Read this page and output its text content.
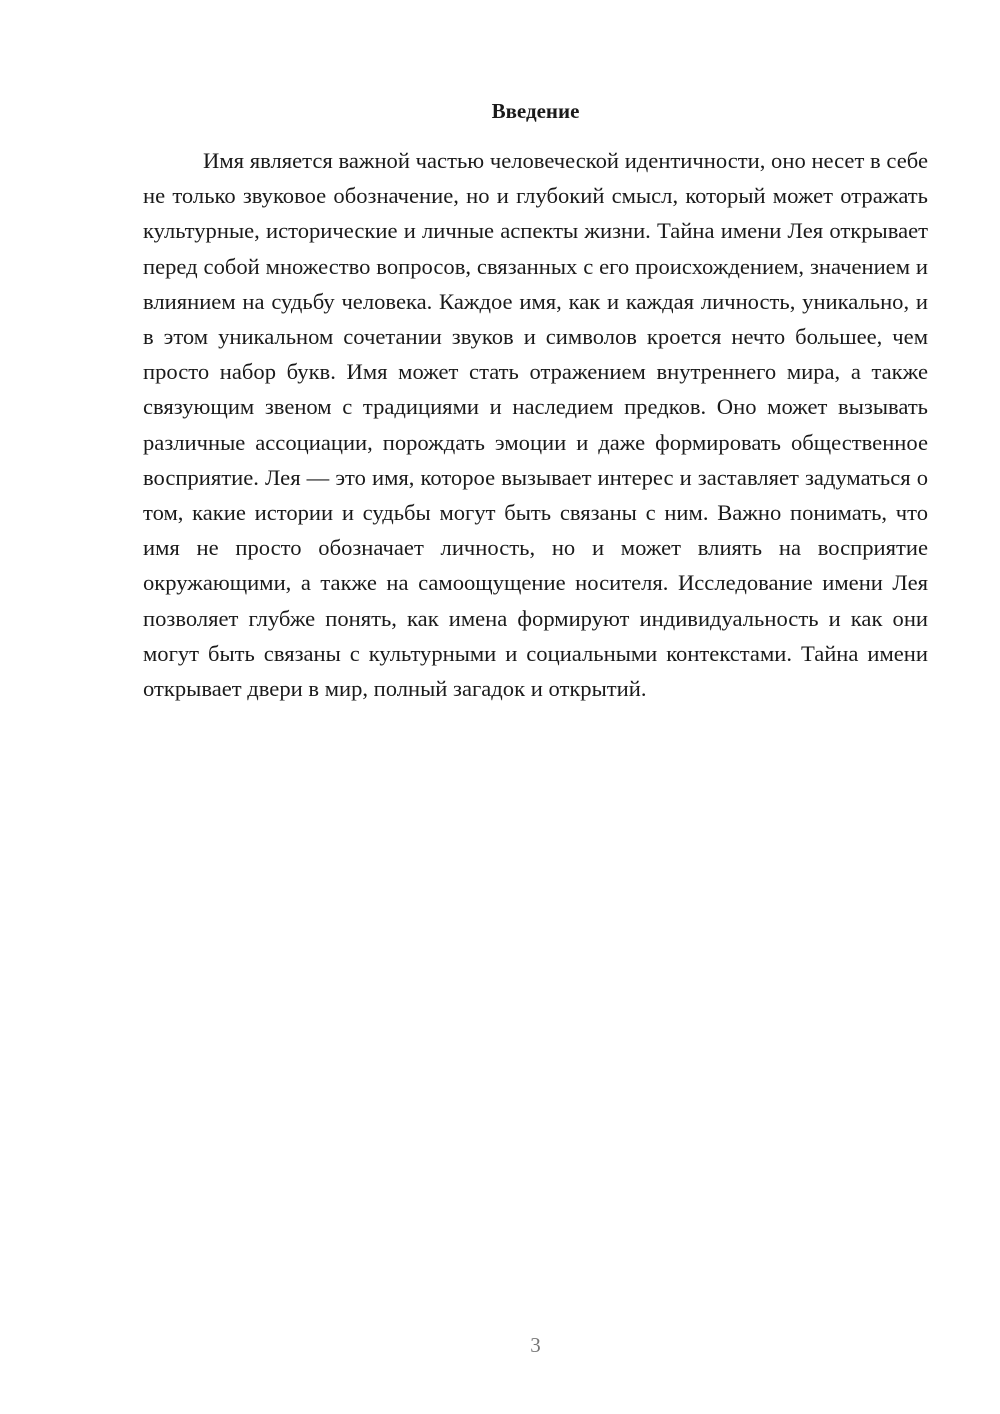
Введение

Имя является важной частью человеческой идентичности, оно несет в себе не только звуковое обозначение, но и глубокий смысл, который может отражать культурные, исторические и личные аспекты жизни. Тайна имени Лея открывает перед собой множество вопросов, связанных с его происхождением, значением и влиянием на судьбу человека. Каждое имя, как и каждая личность, уникально, и в этом уникальном сочетании звуков и символов кроется нечто большее, чем просто набор букв. Имя может стать отражением внутреннего мира, а также связующим звеном с традициями и наследием предков. Оно может вызывать различные ассоциации, порождать эмоции и даже формировать общественное восприятие. Лея — это имя, которое вызывает интерес и заставляет задуматься о том, какие истории и судьбы могут быть связаны с ним. Важно понимать, что имя не просто обозначает личность, но и может влиять на восприятие окружающими, а также на самоощущение носителя. Исследование имени Лея позволяет глубже понять, как имена формируют индивидуальность и как они могут быть связаны с культурными и социальными контекстами. Тайна имени открывает двери в мир, полный загадок и открытий.

3
